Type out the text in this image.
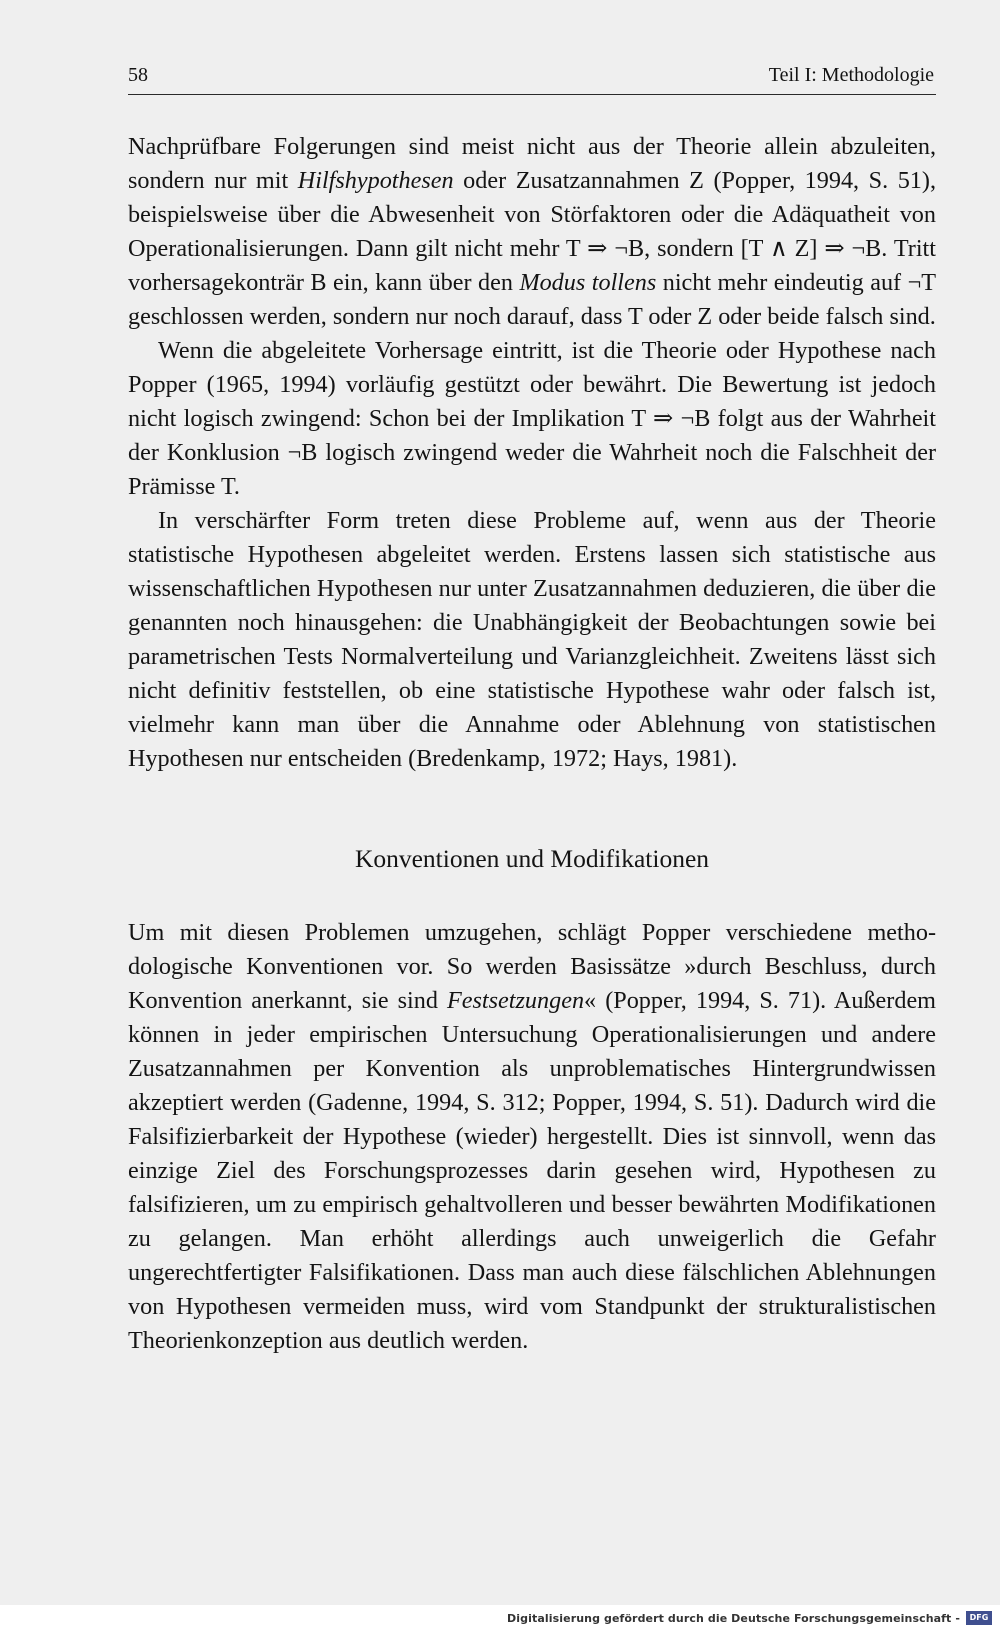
58	Teil I: Methodologie

Nachprüfbare Folgerungen sind meist nicht aus der Theorie allein abzuleiten, sondern nur mit Hilfshypothesen oder Zusatzannahmen Z (Popper, 1994, S. 51), beispielsweise über die Abwesenheit von Störfaktoren oder die Adäquatheit von Operationalisierungen. Dann gilt nicht mehr T ⇒ ¬B, sondern [T ∧ Z] ⇒ ¬B. Tritt vorhersagekonträr B ein, kann über den Modus tollens nicht mehr eindeutig auf ¬T geschlossen werden, sondern nur noch darauf, dass T oder Z oder beide falsch sind.

Wenn die abgeleitete Vorhersage eintritt, ist die Theorie oder Hypothese nach Popper (1965, 1994) vorläufig gestützt oder bewährt. Die Bewertung ist jedoch nicht logisch zwingend: Schon bei der Implikation T ⇒ ¬B folgt aus der Wahrheit der Konklusion ¬B logisch zwingend weder die Wahrheit noch die Falschheit der Prämisse T.

In verschärfter Form treten diese Probleme auf, wenn aus der Theorie statistische Hypothesen abgeleitet werden. Erstens lassen sich statistische aus wissenschaftlichen Hypothesen nur unter Zusatzannahmen deduzieren, die über die genannten noch hinausgehen: die Unabhängigkeit der Beobachtungen sowie bei parametrischen Tests Normalverteilung und Varianzgleichheit. Zweitens lässt sich nicht definitiv feststellen, ob eine statistische Hypothese wahr oder falsch ist, vielmehr kann man über die Annahme oder Ablehnung von statistischen Hypothesen nur entscheiden (Bredenkamp, 1972; Hays, 1981).

Konventionen und Modifikationen

Um mit diesen Problemen umzugehen, schlägt Popper verschiedene methodologische Konventionen vor. So werden Basissätze »durch Beschluss, durch Konvention anerkannt, sie sind Festsetzungen« (Popper, 1994, S. 71). Außerdem können in jeder empirischen Untersuchung Operationalisierungen und andere Zusatzannahmen per Konvention als unproblematisches Hintergrundwissen akzeptiert werden (Gadenne, 1994, S. 312; Popper, 1994, S. 51). Dadurch wird die Falsifizierbarkeit der Hypothese (wieder) hergestellt. Dies ist sinnvoll, wenn das einzige Ziel des Forschungsprozesses darin gesehen wird, Hypothesen zu falsifizieren, um zu empirisch gehaltvolleren und besser bewährten Modifikationen zu gelangen. Man erhöht allerdings auch unweigerlich die Gefahr ungerechtfertigter Falsifikationen. Dass man auch diese fälschlichen Ablehnungen von Hypothesen vermeiden muss, wird vom Standpunkt der strukturalistischen Theorienkonzeption aus deutlich werden.

Digitalisierung gefördert durch die Deutsche Forschungsgemeinschaft -	DFG
